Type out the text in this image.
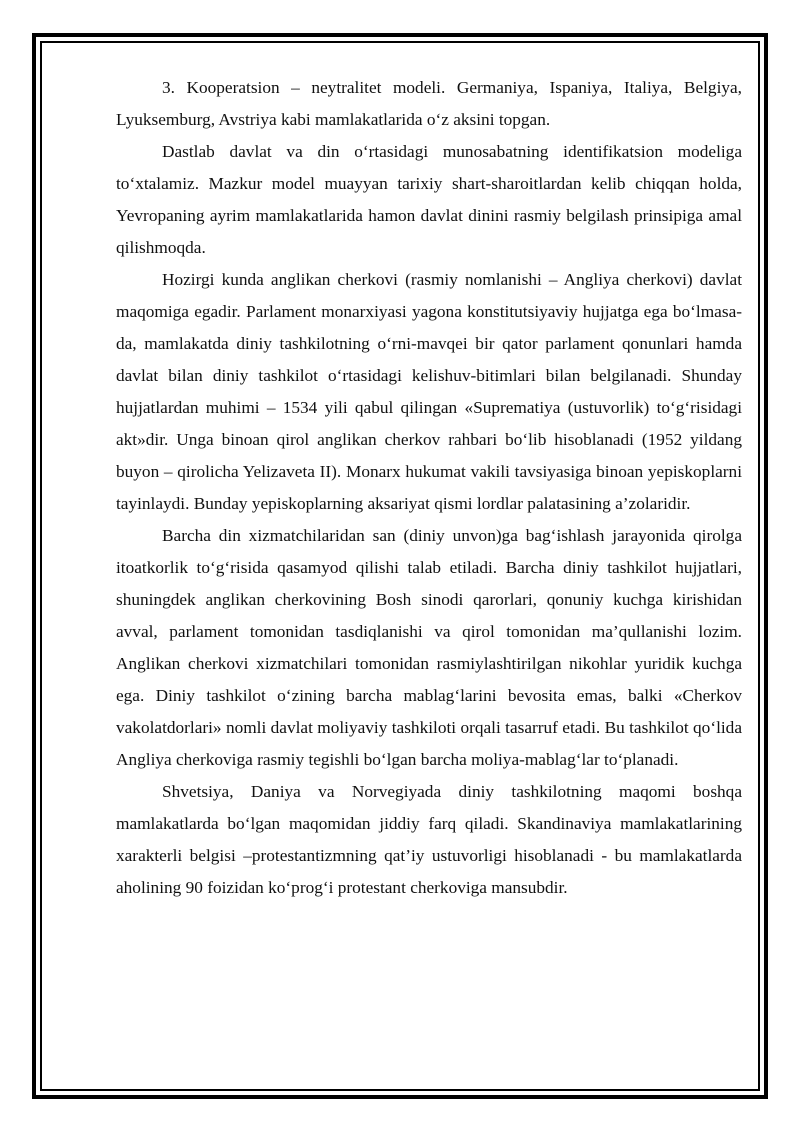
3. Kooperatsion – neytralitet modeli. Germaniya, Ispaniya, Italiya, Belgiya, Lyuksemburg, Avstriya kabi mamlakatlarida o‘z aksini topgan.

Dastlab davlat va din o‘rtasidagi munosabatning identifikatsion modeliga to‘xtalamiz. Mazkur model muayyan tarixiy shart-sharoitlardan kelib chiqqan holda, Yevropaning ayrim mamlakatlarida hamon davlat dinini rasmiy belgilash prinsipiga amal qilishmoqda.

Hozirgi kunda anglikan cherkovi (rasmiy nomlanishi – Angliya cherkovi) davlat maqomiga egadir. Parlament monarxiyasi yagona konstitutsiyaviy hujjatga ega bo‘lmasa-da, mamlakatda diniy tashkilotning o‘rni-mavqei bir qator parlament qonunlari hamda davlat bilan diniy tashkilot o‘rtasidagi kelishuv-bitimlari bilan belgilanadi. Shunday hujjatlardan muhimi – 1534 yili qabul qilingan «Suprematiya (ustuvorlik) to‘g‘risidagi akt»dir. Unga binoan qirol anglikan cherkov rahbari bo‘lib hisoblanadi (1952 yildang buyon – qirolicha Yelizaveta II). Monarx hukumat vakili tavsiyasiga binoan yepiskoplarni tayinlaydi. Bunday yepiskoplarning aksariyat qismi lordlar palatasining a’zolaridir.

Barcha din xizmatchilaridan san (diniy unvon)ga bag‘ishlash jarayonida qirolga itoatkorlik to‘g‘risida qasamyod qilishi talab etiladi. Barcha diniy tashkilot hujjatlari, shuningdek anglikan cherkovining Bosh sinodi qarorlari, qonuniy kuchga kirishidan avval, parlament tomonidan tasdiqlanishi va qirol tomonidan ma’qullanishi lozim. Anglikan cherkovi xizmatchilari tomonidan rasmiylashtirilgan nikohlar yuridik kuchga ega. Diniy tashkilot o‘zining barcha mablag‘larini bevosita emas, balki «Cherkov vakolatdorlari» nomli davlat moliyaviy tashkiloti orqali tasarruf etadi. Bu tashkilot qo‘lida Angliya cherkoviga rasmiy tegishli bo‘lgan barcha moliya-mablag‘lar to‘planadi.

Shvetsiya, Daniya va Norvegiyada diniy tashkilotning maqomi boshqa mamlakatlarda bo‘lgan maqomidan jiddiy farq qiladi. Skandinaviya mamlakatlarining xarakterli belgisi –protestantizmning qat’iy ustuvorligi hisoblanadi - bu mamlakatlarda aholining 90 foizidan ko‘prog‘i protestant cherkoviga mansubdir.
